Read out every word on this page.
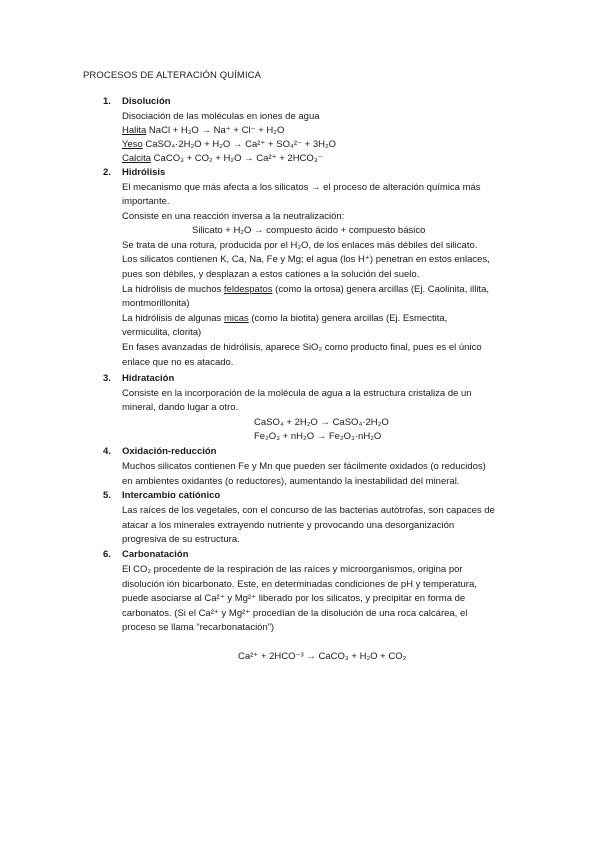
PROCESOS DE ALTERACIÓN QUÍMICA
1. Disolución
Disociación de las moléculas en iones de agua
Halita NaCl + H₂O → Na⁺ + Cl⁻ + H₂O
Yeso CaSO₄·2H₂O + H₂O → Ca²⁺ + SO₄²⁻ + 3H₂O
Calcita CaCO₃ + CO₂ + H₂O → Ca²⁺ + 2HCO₃⁻
2. Hidrólisis
El mecanismo que más afecta a los silicatos → el proceso de alteración química más
importante.
Consiste en una reacción inversa a la neutralización:
Silicato + H₂O → compuesto ácido + compuesto básico
Se trata de una rotura, producida por el H₂O, de los enlaces más débiles del silicato.
Los silicatos contienen K, Ca, Na, Fe y Mg; el agua (los H⁺) penetran en estos enlaces,
pues son débiles, y desplazan a estos cationes a la solución del suelo.
La hidrólisis de muchos feldespatos (como la ortosa) genera arcillas (Ej. Caolinita, illita,
montmorillonita)
La hidrólisis de algunas micas (como la biotita) genera arcillas (Ej. Esmectita,
vermiculita, clorita)
En fases avanzadas de hidrólisis, aparece SiO₂ como producto final, pues es el único
enlace que no es atacado.
3. Hidratación
Consiste en la incorporación de la molécula de agua a la estructura cristaliza de un
mineral, dando lugar a otro.
CaSO₄ + 2H₂O → CaSO₄·2H₂O
Fe₂O₃ + nH₂O → Fe₂O₃·nH₂O
4. Oxidación-reducción
Muchos silicatos contienen Fe y Mn que pueden ser fácilmente oxidados (o reducidos)
en ambientes oxidantes (o reductores), aumentando la inestabilidad del mineral.
5. Intercambio catiónico
Las raíces de los vegetales, con el concurso de las bacterias autótrofas, son capaces de
atacar a los minerales extrayendo nutriente y provocando una desorganización
progresiva de su estructura.
6. Carbonatación
El CO₂ procedente de la respiración de las raíces y microorganismos, origina por
disolución ión bicarbonato. Este, en determinadas condiciones de pH y temperatura,
puede asociarse al Ca²⁺ y Mg²⁺ liberado por los silicatos, y precipitar en forma de
carbonatos. (Si el Ca²⁺ y Mg²⁺ procedían de la disolución de una roca calcárea, el
proceso se llama “recarbonatación”)
Ca²⁺ + 2HCO⁻³ → CaCO₃ + H₂O + CO₂
